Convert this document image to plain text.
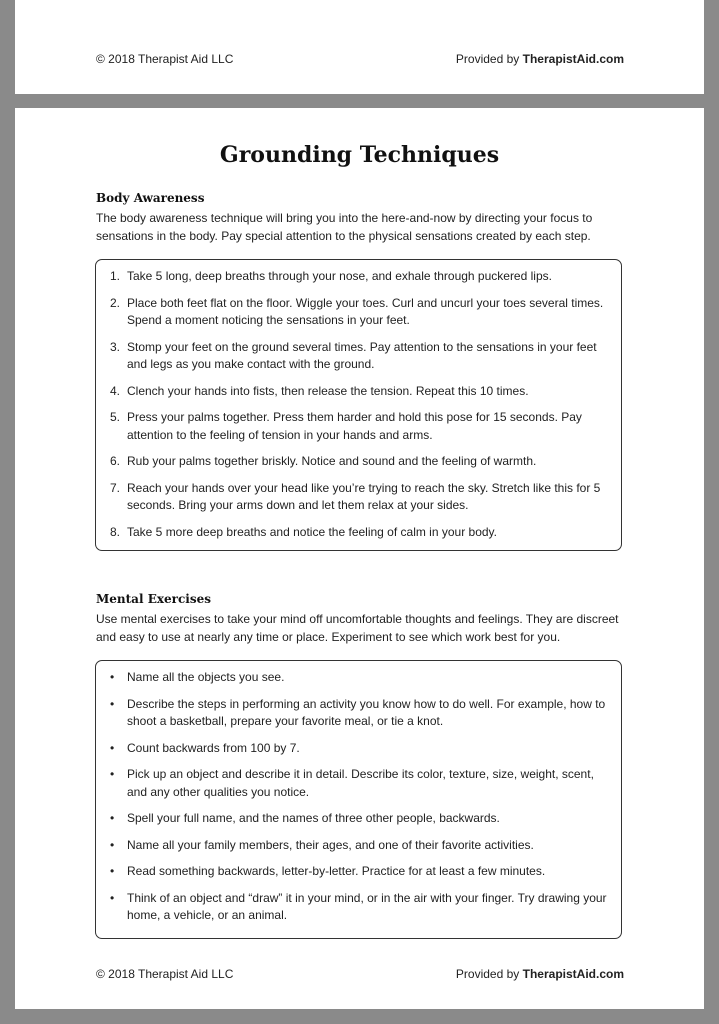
© 2018 Therapist Aid LLC	Provided by TherapistAid.com
Grounding Techniques
Body Awareness
The body awareness technique will bring you into the here-and-now by directing your focus to sensations in the body. Pay special attention to the physical sensations created by each step.
1. Take 5 long, deep breaths through your nose, and exhale through puckered lips.
2. Place both feet flat on the floor. Wiggle your toes. Curl and uncurl your toes several times. Spend a moment noticing the sensations in your feet.
3. Stomp your feet on the ground several times. Pay attention to the sensations in your feet and legs as you make contact with the ground.
4. Clench your hands into fists, then release the tension. Repeat this 10 times.
5. Press your palms together. Press them harder and hold this pose for 15 seconds. Pay attention to the feeling of tension in your hands and arms.
6. Rub your palms together briskly. Notice and sound and the feeling of warmth.
7. Reach your hands over your head like you’re trying to reach the sky. Stretch like this for 5 seconds. Bring your arms down and let them relax at your sides.
8. Take 5 more deep breaths and notice the feeling of calm in your body.
Mental Exercises
Use mental exercises to take your mind off uncomfortable thoughts and feelings. They are discreet and easy to use at nearly any time or place. Experiment to see which work best for you.
•	Name all the objects you see.
•	Describe the steps in performing an activity you know how to do well. For example, how to shoot a basketball, prepare your favorite meal, or tie a knot.
•	Count backwards from 100 by 7.
•	Pick up an object and describe it in detail. Describe its color, texture, size, weight, scent, and any other qualities you notice.
•	Spell your full name, and the names of three other people, backwards.
•	Name all your family members, their ages, and one of their favorite activities.
•	Read something backwards, letter-by-letter. Practice for at least a few minutes.
•	Think of an object and “draw” it in your mind, or in the air with your finger. Try drawing your home, a vehicle, or an animal.
© 2018 Therapist Aid LLC	Provided by TherapistAid.com
